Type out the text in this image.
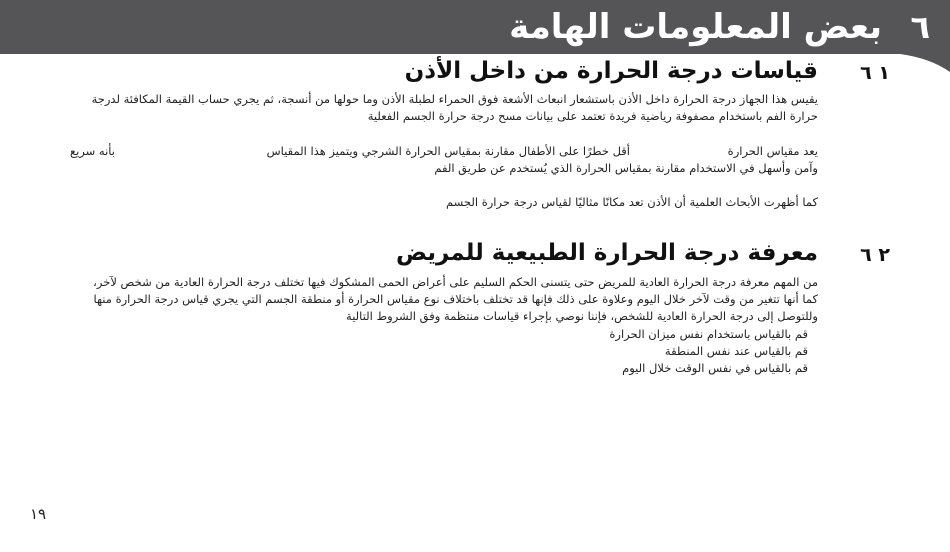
٦
بعض المعلومات الهامة
١ ٦
قياسات درجة الحرارة من داخل الأذن
يقيس هذا الجهاز درجة الحرارة داخل الأذن باستشعار انبعاث الأشعة فوق الحمراء لطبلة الأذن وما حولها من أنسجة، ثم يجري حساب القيمة المكافئة لدرجة
حرارة الفم باستخدام مصفوفة رياضية فريدة تعتمد على بيانات مسح درجة حرارة الجسم الفعلية
يعد مقياس الحرارة
أقل خطرًا على الأطفال مقارنة بمقياس الحرارة الشرجي ويتميز هذا المقياس
بأنه سريع
وآمن وأسهل في الاستخدام مقارنة بمقياس الحرارة الذي يُستخدم عن طريق الفم
كما أظهرت الأبحاث العلمية أن الأذن تعد مكانًا مثاليًا لقياس درجة حرارة الجسم
٢ ٦
معرفة درجة الحرارة الطبيعية للمريض
من المهم معرفة درجة الحرارة العادية للمريض حتى يتسنى الحكم السليم على أعراض الحمى المشكوك فيها تختلف درجة الحرارة العادية من شخص لآخر،
كما أنها تتغير من وقت لآخر خلال اليوم وعلاوة على ذلك فإنها قد تختلف باختلاف نوع مقياس الحرارة أو منطقة الجسم التي يجري قياس درجة الحرارة منها
وللتوصل إلى درجة الحرارة العادية للشخص، فإننا نوصي بإجراء قياسات منتظمة وفق الشروط التالية
قم بالقياس باستخدام نفس ميزان الحرارة
قم بالقياس عند نفس المنطقة
قم بالقياس في نفس الوقت خلال اليوم
١٩
